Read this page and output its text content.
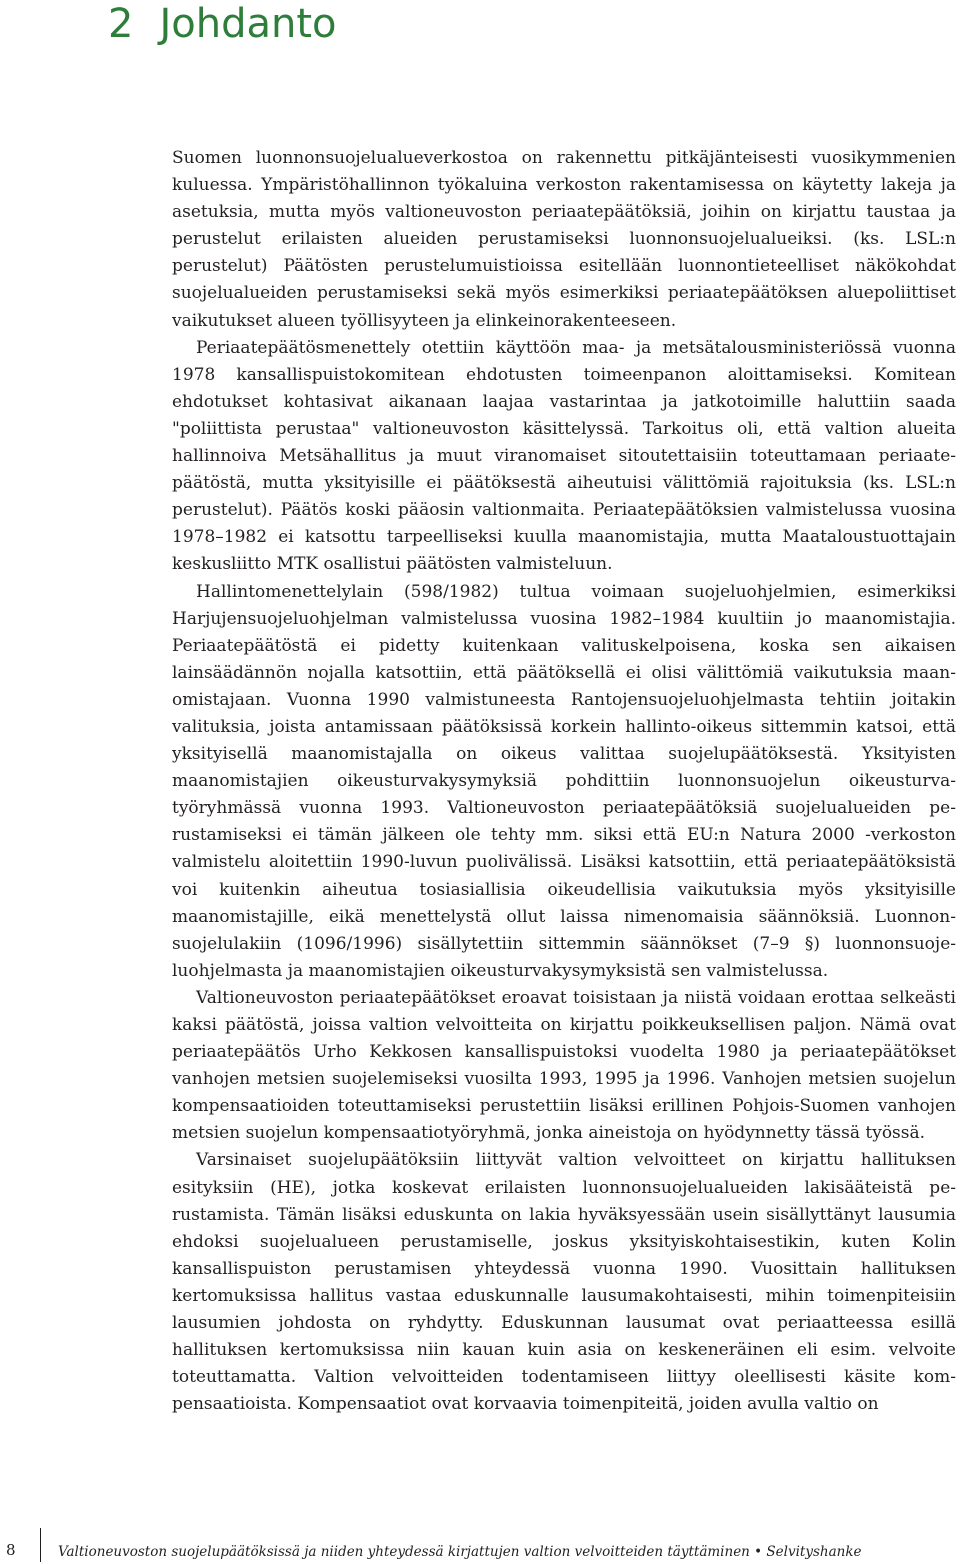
2 Johdanto

Suomen luonnonsuojelualueverkostoa on rakennettu pitkäjänteisesti vuosikymmenien kuluessa. Ympäristöhallinnon työkaluina verkoston rakentamisessa on käytetty lakeja ja asetuksia, mutta myös valtioneuvoston periaatepäätöksiä, joihin on kirjattu taustaa ja perustelut erilaisten alueiden perustamiseksi luonnonsuojelualueiksi. (ks. LSL:n perustelut) Päätösten perustelumuistioissa esitellään luonnontieteelliset näkökohdat suojelualueiden perustamiseksi sekä myös esimerkiksi periaatepäätöksen aluepoliittiset vaikutukset alueen työllisyyteen ja elinkeinorakenteeseen.

Periaatepäätösmenettely otettiin käyttöön maa- ja metsätalousministeriössä vuonna 1978 kansallispuistokomitean ehdotusten toimeenpanon aloittamiseksi. Komitean ehdotukset kohtasivat aikanaan laajaa vastarintaa ja jatkotoimille haluttiin saada "poliittista perustaa" valtioneuvoston käsittelyssä. Tarkoitus oli, että valtion alueita hallinnoiva Metsähallitus ja muut viranomaiset sitoutettaisiin toteuttamaan periaatepäätöstä, mutta yksityisille ei päätöksestä aiheutuisi välittömiä rajoituksia (ks. LSL:n perustelut). Päätös koski pääosin valtionmaita. Periaatepäätöksien valmistelussa vuosina 1978–1982 ei katsottu tarpeelliseksi kuulla maanomistajia, mutta Maataloustuottajain keskusliitto MTK osallistui päätösten valmisteluun.

Hallintomenettelylain (598/1982) tultua voimaan suojeluohjelmien, esimerkiksi Harjujensuojeluohjelman valmistelussa vuosina 1982–1984 kuultiin jo maanomistajia. Periaatepäätöstä ei pidetty kuitenkaan valituskelpoisena, koska sen aikaisen lainsäädännön nojalla katsottiin, että päätöksellä ei olisi välittömiä vaikutuksia maanomistajaan. Vuonna 1990 valmistuneesta Rantojensuojeluohjelmasta tehtiin joitakin valituksia, joista antamissaan päätöksissä korkein hallinto-oikeus sittemmin katsoi, että yksityisellä maanomistajalla on oikeus valittaa suojelupäätöksestä. Yksityisten maanomistajien oikeusturvakysymyksiä pohdittiin luonnonsuojelun oikeusturvatyöryhmässä vuonna 1993. Valtioneuvoston periaatepäätöksiä suojelualueiden perustamiseksi ei tämän jälkeen ole tehty mm. siksi että EU:n Natura 2000 -verkoston valmistelu aloitettiin 1990-luvun puolivälissä. Lisäksi katsottiin, että periaatepäätöksistä voi kuitenkin aiheutua tosiasiallisia oikeudellisia vaikutuksia myös yksityisille maanomistajille, eikä menettelystä ollut laissa nimenomaisia säännöksiä. Luonnonsuojelulakiin (1096/1996) sisällytettiin sittemmin säännökset (7–9 §) luonnonsuojeluohjelmasta ja maanomistajien oikeusturvakysymyksistä sen valmistelussa.

Valtioneuvoston periaatepäätökset eroavat toisistaan ja niistä voidaan erottaa selkeästi kaksi päätöstä, joissa valtion velvoitteita on kirjattu poikkeuksellisen paljon. Nämä ovat periaatepäätös Urho Kekkosen kansallispuistoksi vuodelta 1980 ja periaatepäätökset vanhojen metsien suojelemiseksi vuosilta 1993, 1995 ja 1996. Vanhojen metsien suojelun kompensaatioiden toteuttamiseksi perustettiin lisäksi erillinen Pohjois-Suomen vanhojen metsien suojelun kompensaatiotyöryhmä, jonka aineistoja on hyödynnetty tässä työssä.

Varsinaiset suojelupäätöksiin liittyvät valtion velvoitteet on kirjattu hallituksen esityksiin (HE), jotka koskevat erilaisten luonnonsuojelualueiden lakisääteistä perustamista. Tämän lisäksi eduskunta on lakia hyväksyessään usein sisällyttänyt lausumia ehdoksi suojelualueen perustamiselle, joskus yksityiskohtaisestikin, kuten Kolin kansallispuiston perustamisen yhteydessä vuonna 1990. Vuosittain hallituksen kertomuksissa hallitus vastaa eduskunnalle lausumakohtaisesti, mihin toimenpiteisiin lausumien johdosta on ryhdytty. Eduskunnan lausumat ovat periaatteessa esillä hallituksen kertomuksissa niin kauan kuin asia on keskeneräinen eli esim. velvoite toteuttamatta. Valtion velvoitteiden todentamiseen liittyy oleellisesti käsite kompensaatioista. Kompensaatiot ovat korvaavia toimenpiteitä, joiden avulla valtio on

8	Valtioneuvoston suojelupäätöksissä ja niiden yhteydessä kirjattujen valtion velvoitteiden täyttäminen • Selvityshanke
